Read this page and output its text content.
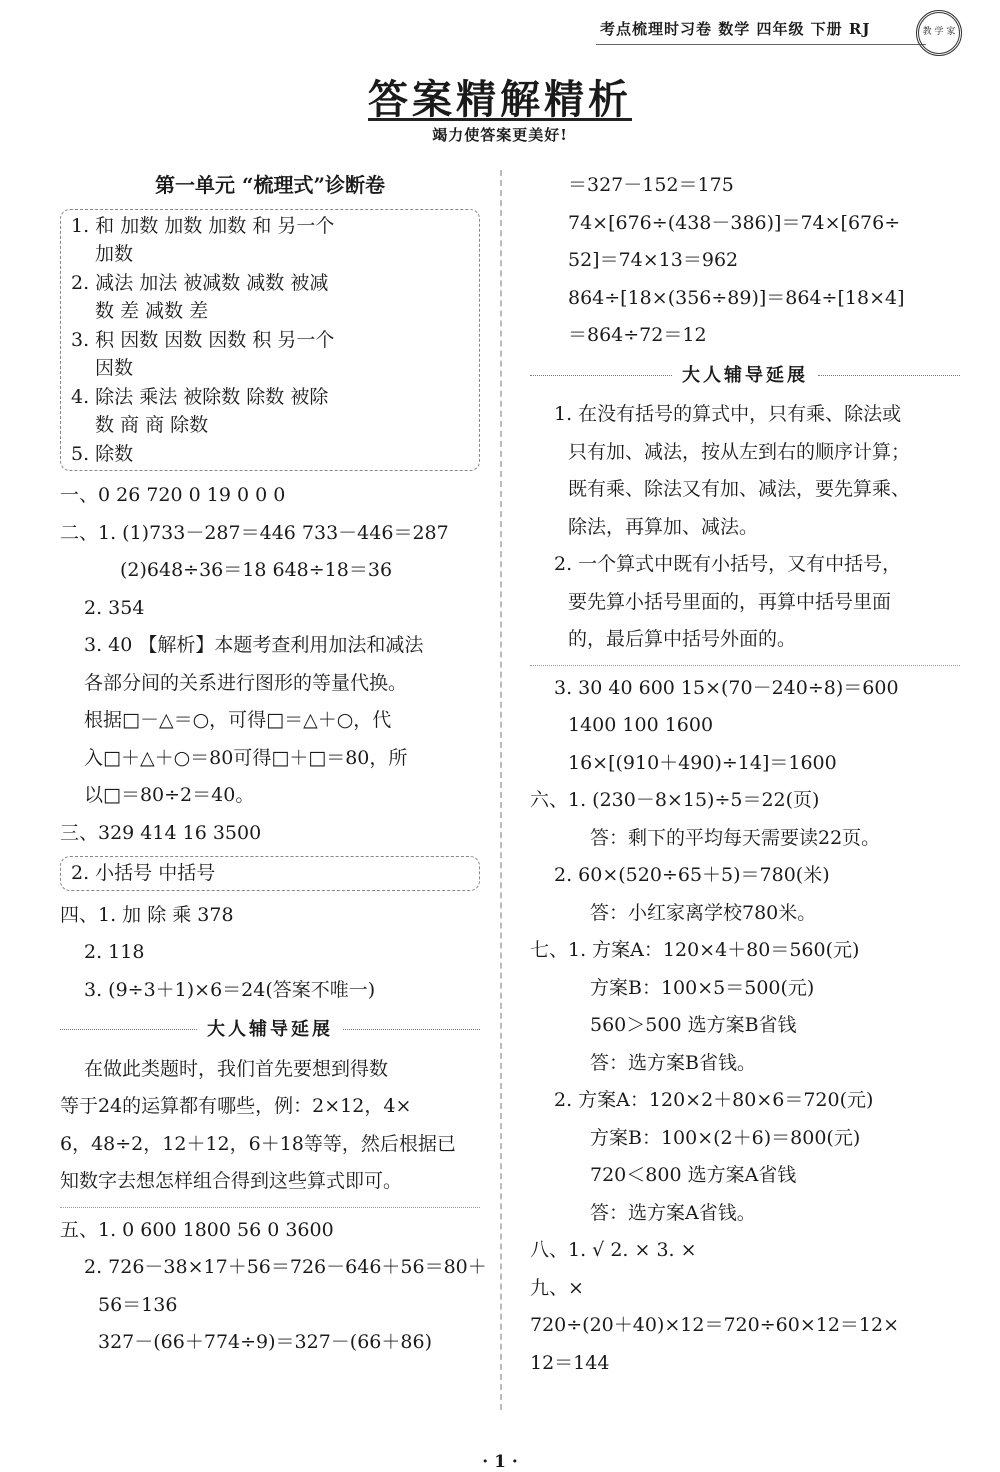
考点梳理时习卷 数学 四年级 下册 RJ	教 学 家
答案精解精析
竭力使答案更美好!
第一单元 “梳理式”诊断卷
1. 和 加数 加数 加数 和 另一个
加数
2. 减法 加法 被减数 减数 被减
数 差 减数 差
3. 积 因数 因数 因数 积 另一个
因数
4. 除法 乘法 被除数 除数 被除
数 商 商 除数
5. 除数
一、0 26 720 0 19 0 0 0
二、1. (1)733－287＝446 733－446＝287
(2)648÷36＝18 648÷18＝36
2. 354
3. 40 【解析】本题考查利用加法和减法
各部分间的关系进行图形的等量代换。
根据□－△＝○，可得□＝△＋○，代
入□＋△＋○＝80可得□＋□＝80，所
以□＝80÷2＝40。
三、329 414 16 3500
2. 小括号 中括号
四、1. 加 除 乘 378
2. 118
3. (9÷3＋1)×6＝24(答案不唯一)
大人辅导延展
在做此类题时，我们首先要想到得数
等于24的运算都有哪些，例：2×12，4×
6，48÷2，12＋12，6＋18等等，然后根据已
知数字去想怎样组合得到这些算式即可。
五、1. 0 600 1800 56 0 3600
2. 726－38×17＋56＝726－646＋56＝80＋
56＝136
327－(66＋774÷9)＝327－(66＋86)
＝327－152＝175
74×[676÷(438－386)]＝74×[676÷
52]＝74×13＝962
864÷[18×(356÷89)]＝864÷[18×4]
＝864÷72＝12
大人辅导延展
1. 在没有括号的算式中，只有乘、除法或
只有加、减法，按从左到右的顺序计算；
既有乘、除法又有加、减法，要先算乘、
除法，再算加、减法。
2. 一个算式中既有小括号，又有中括号，
要先算小括号里面的，再算中括号里面
的，最后算中括号外面的。
3. 30 40 600 15×(70－240÷8)＝600
1400 100 1600
16×[(910＋490)÷14]＝1600
六、1. (230－8×15)÷5＝22(页)
答：剩下的平均每天需要读22页。
2. 60×(520÷65＋5)＝780(米)
答：小红家离学校780米。
七、1. 方案A：120×4＋80＝560(元)
方案B：100×5＝500(元)
560＞500 选方案B省钱
答：选方案B省钱。
2. 方案A：120×2＋80×6＝720(元)
方案B：100×(2＋6)＝800(元)
720＜800 选方案A省钱
答：选方案A省钱。
八、1. √ 2. × 3. ×
九、×
720÷(20＋40)×12＝720÷60×12＝12×
12＝144
· 1 ·
